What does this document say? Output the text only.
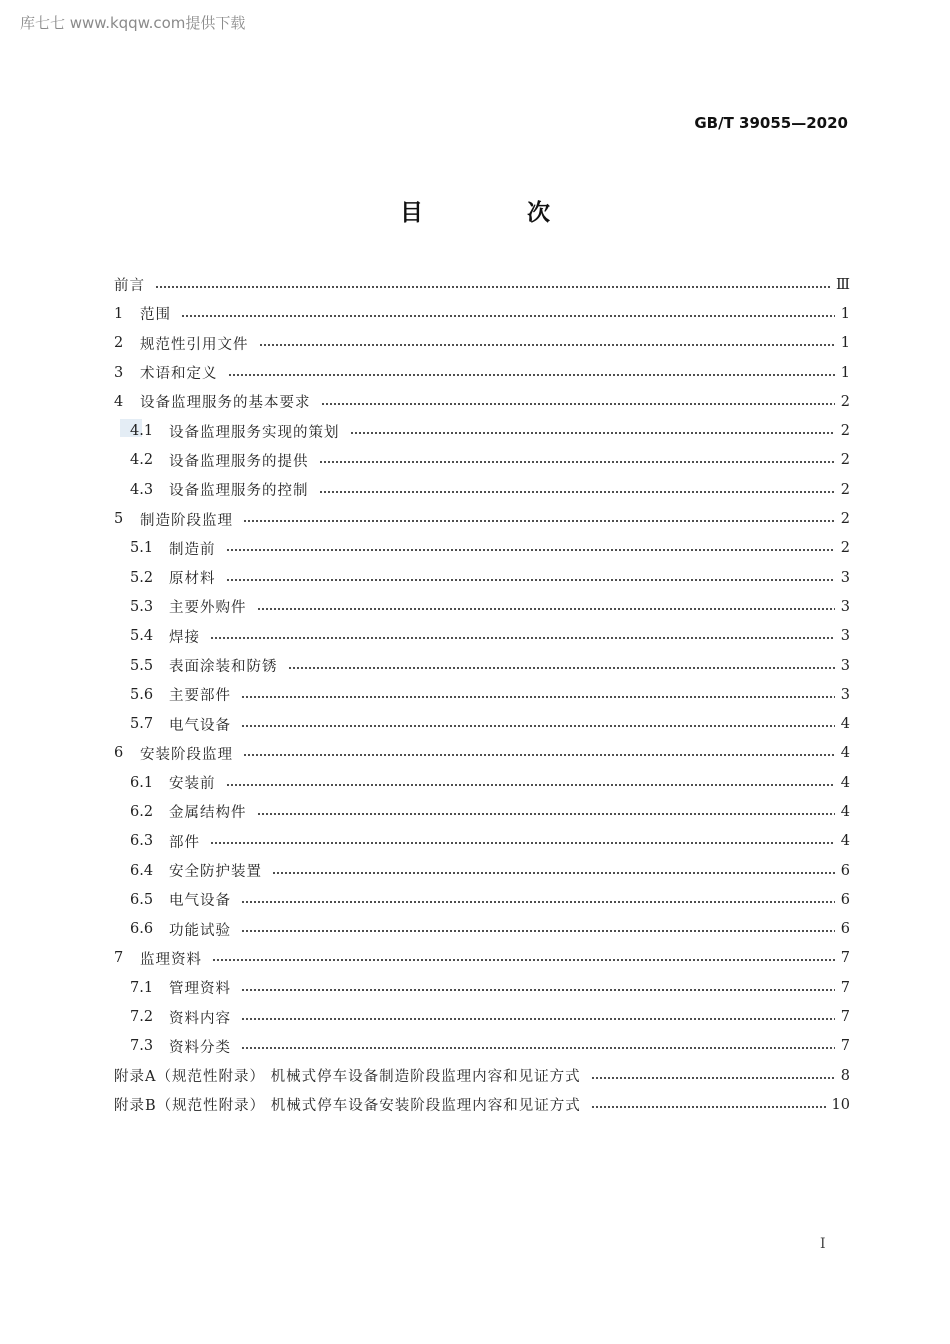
库七七 www.kqqw.com提供下载
GB/T 39055—2020
目 次
前言	Ⅲ
1	范围	1
2	规范性引用文件	1
3	术语和定义	1
4	设备监理服务的基本要求	2
4.1	设备监理服务实现的策划	2
4.2	设备监理服务的提供	2
4.3	设备监理服务的控制	2
5	制造阶段监理	2
5.1	制造前	2
5.2	原材料	3
5.3	主要外购件	3
5.4	焊接	3
5.5	表面涂装和防锈	3
5.6	主要部件	3
5.7	电气设备	4
6	安装阶段监理	4
6.1	安装前	4
6.2	金属结构件	4
6.3	部件	4
6.4	安全防护装置	6
6.5	电气设备	6
6.6	功能试验	6
7	监理资料	7
7.1	管理资料	7
7.2	资料内容	7
7.3	资料分类	7
附录A（规范性附录） 机械式停车设备制造阶段监理内容和见证方式	8
附录B（规范性附录） 机械式停车设备安装阶段监理内容和见证方式	10
I
